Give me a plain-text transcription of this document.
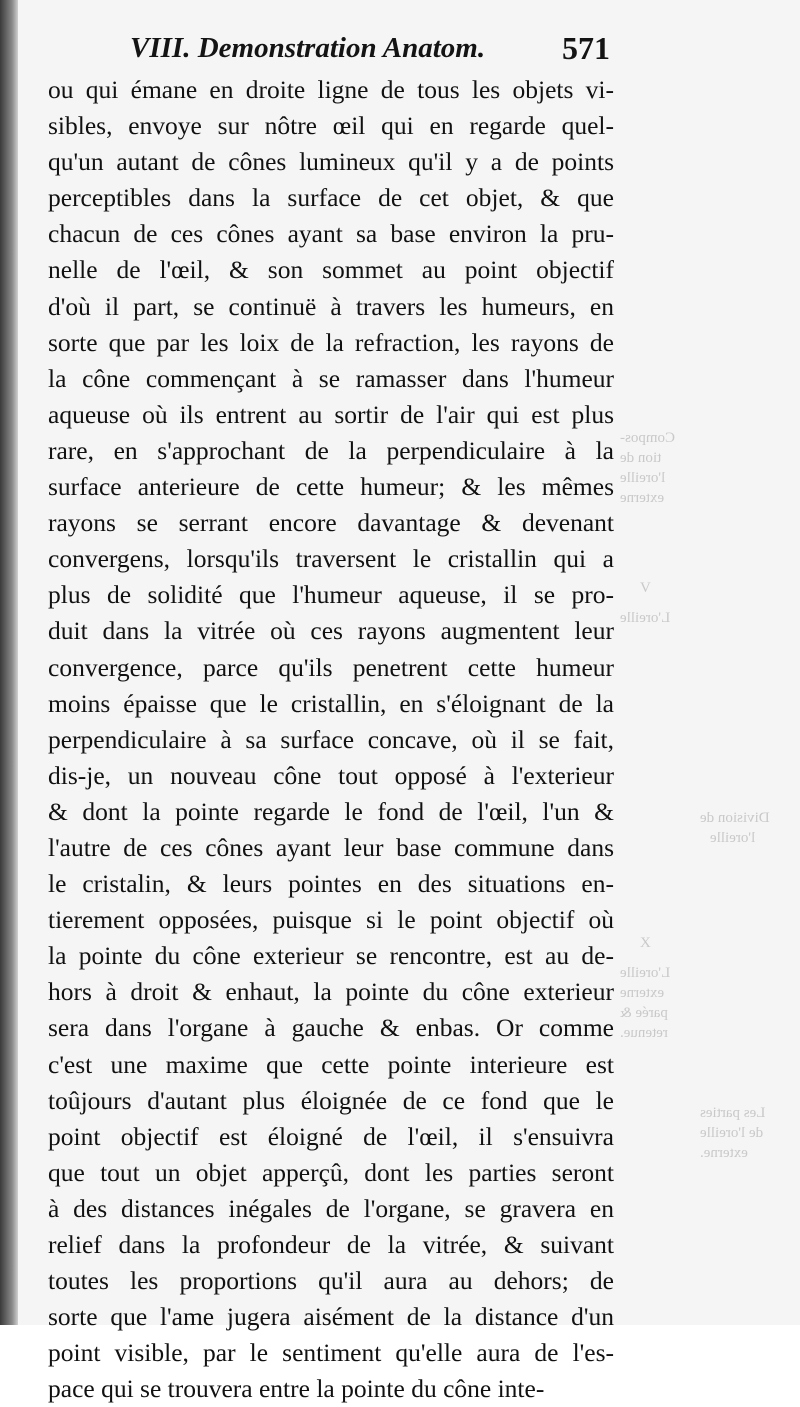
Compos-
tion de
l'oreille
externe
V
L'oreille
Division de
l'oreille
X
L'oreille
externe
parée &
retenue.
Les parties
de l'oreille
externe.
VIII. Demonstration Anatom. 571
ou qui émane en droite ligne de tous les objets vi-
sibles, envoye sur nôtre œil qui en regarde quel-
qu'un autant de cônes lumineux qu'il y a de points
perceptibles dans la surface de cet objet, & que
chacun de ces cônes ayant sa base environ la pru-
nelle de l'œil, & son sommet au point objectif
d'où il part, se continuë à travers les humeurs, en
sorte que par les loix de la refraction, les rayons de
la cône commençant à se ramasser dans l'humeur
aqueuse où ils entrent au sortir de l'air qui est plus
rare, en s'approchant de la perpendiculaire à la
surface anterieure de cette humeur; & les mêmes
rayons se serrant encore davantage & devenant
convergens, lorsqu'ils traversent le cristallin qui a
plus de solidité que l'humeur aqueuse, il se pro-
duit dans la vitrée où ces rayons augmentent leur
convergence, parce qu'ils penetrent cette humeur
moins épaisse que le cristallin, en s'éloignant de la
perpendiculaire à sa surface concave, où il se fait,
dis-je, un nouveau cône tout opposé à l'exterieur
& dont la pointe regarde le fond de l'œil, l'un &
l'autre de ces cônes ayant leur base commune dans
le cristalin, & leurs pointes en des situations en-
tierement opposées, puisque si le point objectif où
la pointe du cône exterieur se rencontre, est au de-
hors à droit & enhaut, la pointe du cône exterieur
sera dans l'organe à gauche & enbas. Or comme
c'est une maxime que cette pointe interieure est
toûjours d'autant plus éloignée de ce fond que le
point objectif est éloigné de l'œil, il s'ensuivra
que tout un objet apperçû, dont les parties seront
à des distances inégales de l'organe, se gravera en
relief dans la profondeur de la vitrée, & suivant
toutes les proportions qu'il aura au dehors; de
sorte que l'ame jugera aisément de la distance d'un
point visible, par le sentiment qu'elle aura de l'es-
pace qui se trouvera entre la pointe du cône inte-
